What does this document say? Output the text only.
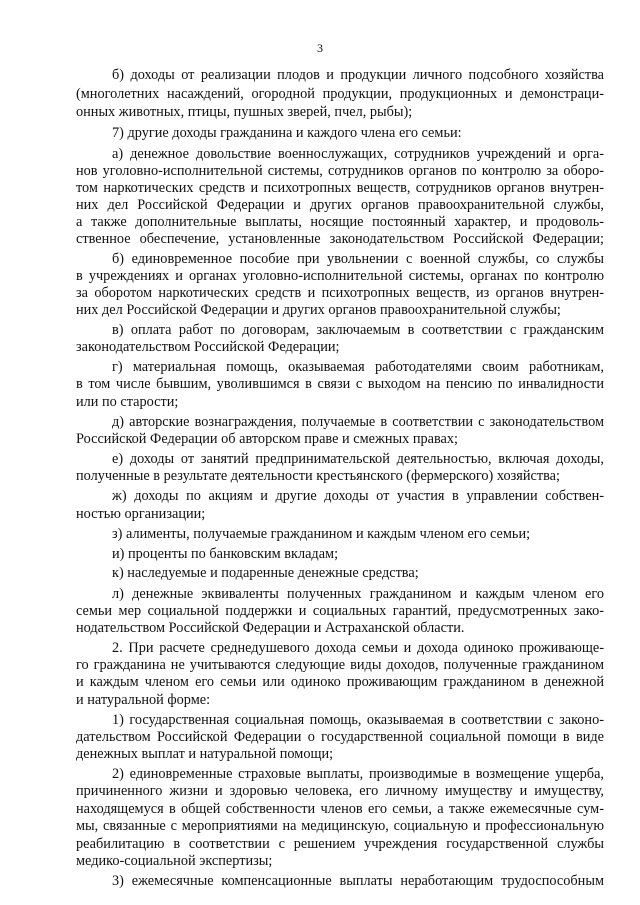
3
б) доходы от реализации плодов и продукции личного подсобного хозяйства
(многолетних насаждений, огородной продукции, продукционных и демонстраци-
онных животных, птицы, пушных зверей, пчел, рыбы);
7) другие доходы гражданина и каждого члена его семьи:
а) денежное довольствие военнослужащих, сотрудников учреждений и орга-
нов уголовно-исполнительной системы, сотрудников органов по контролю за оборо-
том наркотических средств и психотропных веществ, сотрудников органов внутрен-
них дел Российской Федерации и других органов правоохранительной службы,
а также дополнительные выплаты, носящие постоянный характер, и продоволь-
ственное обеспечение, установленные законодательством Российской Федерации;
б) единовременное пособие при увольнении с военной службы, со службы
в учреждениях и органах уголовно-исполнительной системы, органах по контролю
за оборотом наркотических средств и психотропных веществ, из органов внутрен-
них дел Российской Федерации и других органов правоохранительной службы;
в) оплата работ по договорам, заключаемым в соответствии с гражданским
законодательством Российской Федерации;
г) материальная помощь, оказываемая работодателями своим работникам,
в том числе бывшим, уволившимся в связи с выходом на пенсию по инвалидности
или по старости;
д) авторские вознаграждения, получаемые в соответствии с законодательством
Российской Федерации об авторском праве и смежных правах;
е) доходы от занятий предпринимательской деятельностью, включая доходы,
полученные в результате деятельности крестьянского (фермерского) хозяйства;
ж) доходы по акциям и другие доходы от участия в управлении собствен-
ностью организации;
з) алименты, получаемые гражданином и каждым членом его семьи;
и) проценты по банковским вкладам;
к) наследуемые и подаренные денежные средства;
л) денежные эквиваленты полученных гражданином и каждым членом его
семьи мер социальной поддержки и социальных гарантий, предусмотренных зако-
нодательством Российской Федерации и Астраханской области.
2. При расчете среднедушевого дохода семьи и дохода одиноко проживающе-
го гражданина не учитываются следующие виды доходов, полученные гражданином
и каждым членом его семьи или одиноко проживающим гражданином в денежной
и натуральной форме:
1) государственная социальная помощь, оказываемая в соответствии с законо-
дательством Российской Федерации о государственной социальной помощи в виде
денежных выплат и натуральной помощи;
2) единовременные страховые выплаты, производимые в возмещение ущерба,
причиненного жизни и здоровью человека, его личному имуществу и имуществу,
находящемуся в общей собственности членов его семьи, а также ежемесячные сум-
мы, связанные с мероприятиями на медицинскую, социальную и профессиональную
реабилитацию в соответствии с решением учреждения государственной службы
медико-социальной экспертизы;
3) ежемесячные компенсационные выплаты неработающим трудоспособным
